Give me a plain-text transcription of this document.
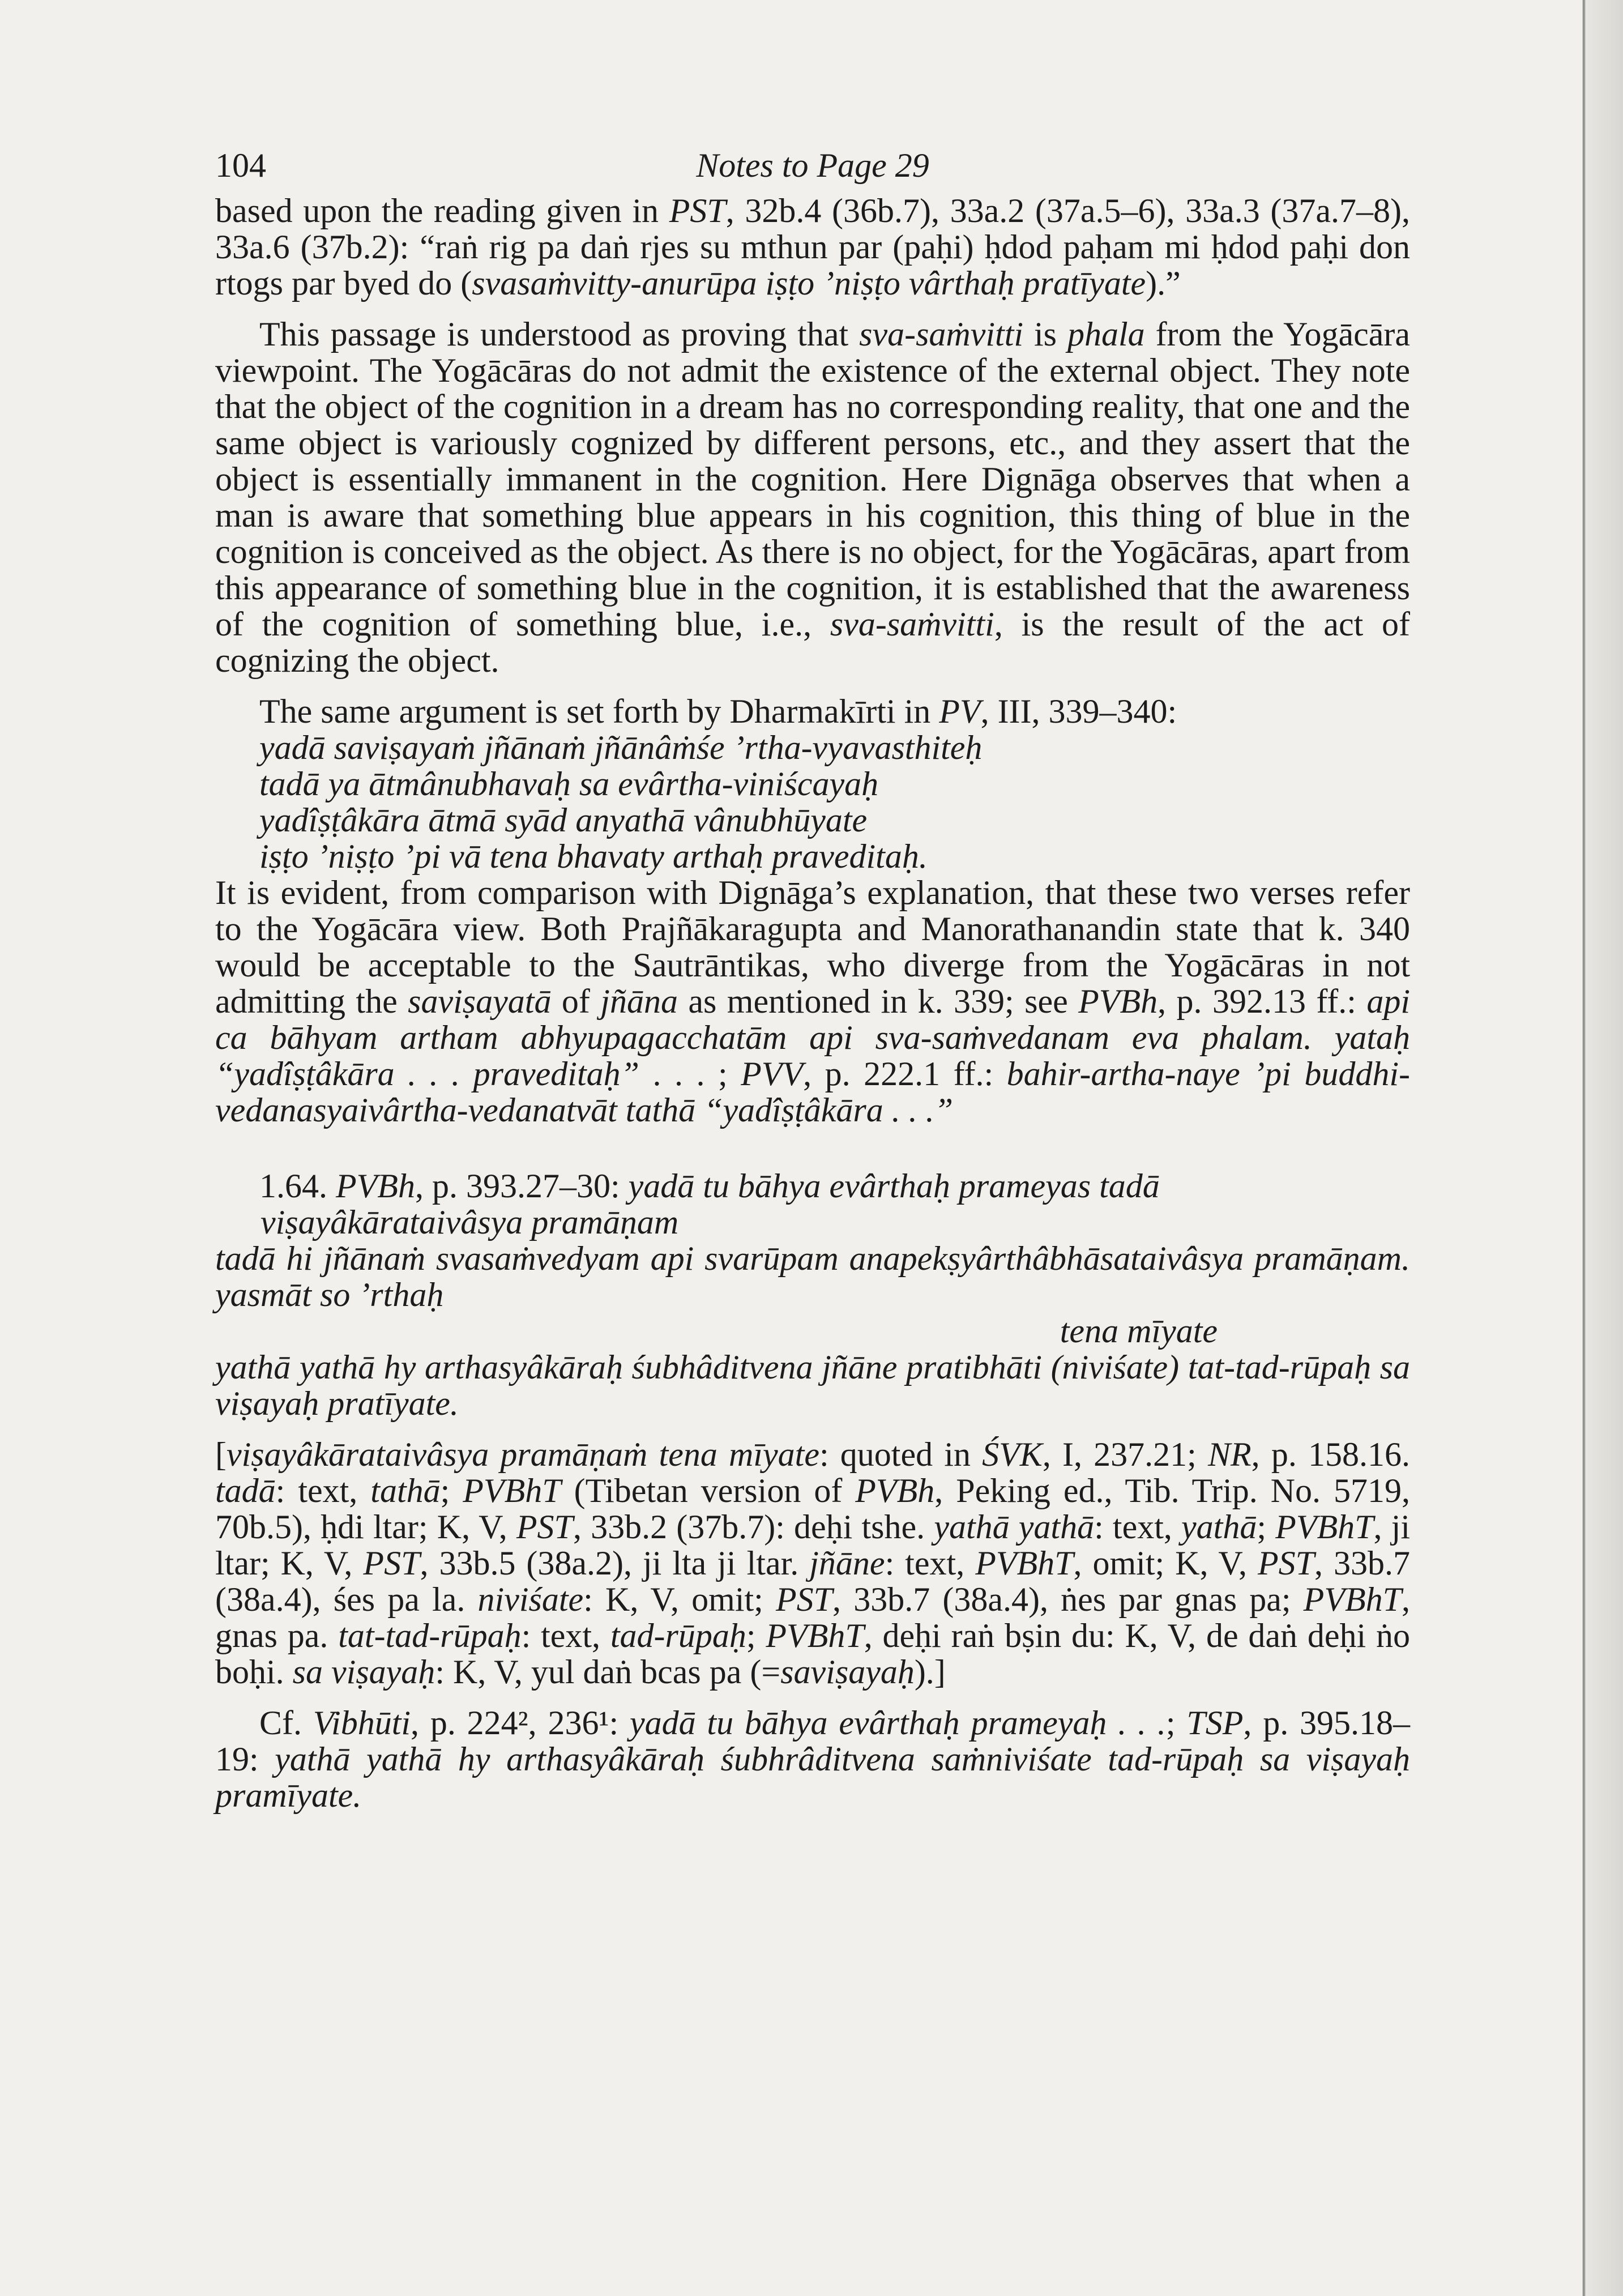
104	Notes to Page 29

based upon the reading given in PST, 32b.4 (36b.7), 33a.2 (37a.5–6), 33a.3 (37a.7–8), 33a.6 (37b.2): “raṅ rig pa daṅ rjes su mthun par (paḥi) ḥdod paḥam mi ḥdod paḥi don rtogs par byed do (svasaṁvitty-anurūpa iṣṭo ’niṣṭo vârthaḥ pratīyate).”

This passage is understood as proving that sva-saṁvitti is phala from the Yogācāra viewpoint. The Yogācāras do not admit the existence of the external object. They note that the object of the cognition in a dream has no corresponding reality, that one and the same object is variously cognized by different persons, etc., and they assert that the object is essentially immanent in the cognition. Here Dignāga observes that when a man is aware that something blue appears in his cognition, this thing of blue in the cognition is conceived as the object. As there is no object, for the Yogācāras, apart from this appearance of something blue in the cognition, it is established that the awareness of the cognition of something blue, i.e., sva-saṁvitti, is the result of the act of cognizing the object.

The same argument is set forth by Dharmakīrti in PV, III, 339–340:

yadā saviṣayaṁ jñānaṁ jñānâṁśe ’rtha-vyavasthiteḥ
tadā ya ātmânubhavaḥ sa evârtha-viniścayaḥ
yadîṣṭâkāra ātmā syād anyathā vânubhūyate
iṣṭo ’niṣṭo ’pi vā tena bhavaty arthaḥ praveditaḥ.

It is evident, from comparison with Dignāga’s explanation, that these two verses refer to the Yogācāra view. Both Prajñākaragupta and Manorathanandin state that k. 340 would be acceptable to the Sautrāntikas, who diverge from the Yogācāras in not admitting the saviṣayatā of jñāna as mentioned in k. 339; see PVBh, p. 392.13 ff.: api ca bāhyam artham abhyupagacchatām api sva-saṁvedanam eva phalam. yataḥ “yadîṣṭâkāra . . . praveditaḥ” . . . ; PVV, p. 222.1 ff.: bahir-artha-naye ’pi buddhi-vedanasyaivârtha-vedanatvāt tathā “yadîṣṭâkāra . . .”

1.64. PVBh, p. 393.27–30: yadā tu bāhya evârthaḥ prameyas tadā

viṣayâkārataivâsya pramāṇam

tadā hi jñānaṁ svasaṁvedyam api svarūpam anapekṣyârthâbhāsataivâsya pramāṇam. yasmāt so ’rthaḥ

tena mīyate

yathā yathā hy arthasyâkāraḥ śubhâditvena jñāne pratibhāti (niviśate) tat-tad-rūpaḥ sa viṣayaḥ pratīyate.

[viṣayâkārataivâsya pramāṇaṁ tena mīyate: quoted in ŚVK, I, 237.21; NR, p. 158.16. tadā: text, tathā; PVBhT (Tibetan version of PVBh, Peking ed., Tib. Trip. No. 5719, 70b.5), ḥdi ltar; K, V, PST, 33b.2 (37b.7): deḥi tshe. yathā yathā: text, yathā; PVBhT, ji ltar; K, V, PST, 33b.5 (38a.2), ji lta ji ltar. jñāne: text, PVBhT, omit; K, V, PST, 33b.7 (38a.4), śes pa la. niviśate: K, V, omit; PST, 33b.7 (38a.4), ṅes par gnas pa; PVBhT, gnas pa. tat-tad-rūpaḥ: text, tad-rūpaḥ; PVBhT, deḥi raṅ bṣin du: K, V, de daṅ deḥi ṅo boḥi. sa viṣayaḥ: K, V, yul daṅ bcas pa (=saviṣayaḥ).]

Cf. Vibhūti, p. 224², 236¹: yadā tu bāhya evârthaḥ prameyaḥ . . .; TSP, p. 395.18–19: yathā yathā hy arthasyâkāraḥ śubhrâditvena saṁniviśate tad-rūpaḥ sa viṣayaḥ pramīyate.
